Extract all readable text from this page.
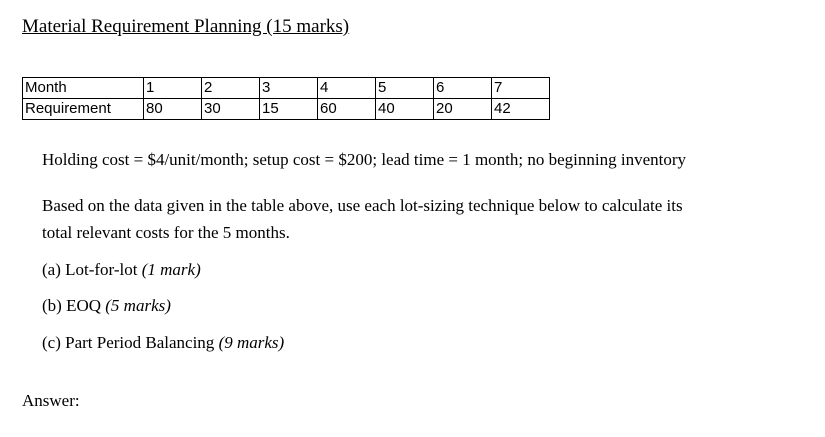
Material Requirement Planning (15 marks)
Month	1	2	3	4	5	6	7
Requirement	80	30	15	60	40	20	42
Holding cost = $4/unit/month; setup cost = $200; lead time = 1 month; no beginning inventory
Based on the data given in the table above, use each lot-sizing technique below to calculate its
total relevant costs for the 5 months.
(a) Lot-for-lot (1 mark)
(b) EOQ (5 marks)
(c) Part Period Balancing (9 marks)
Answer:
